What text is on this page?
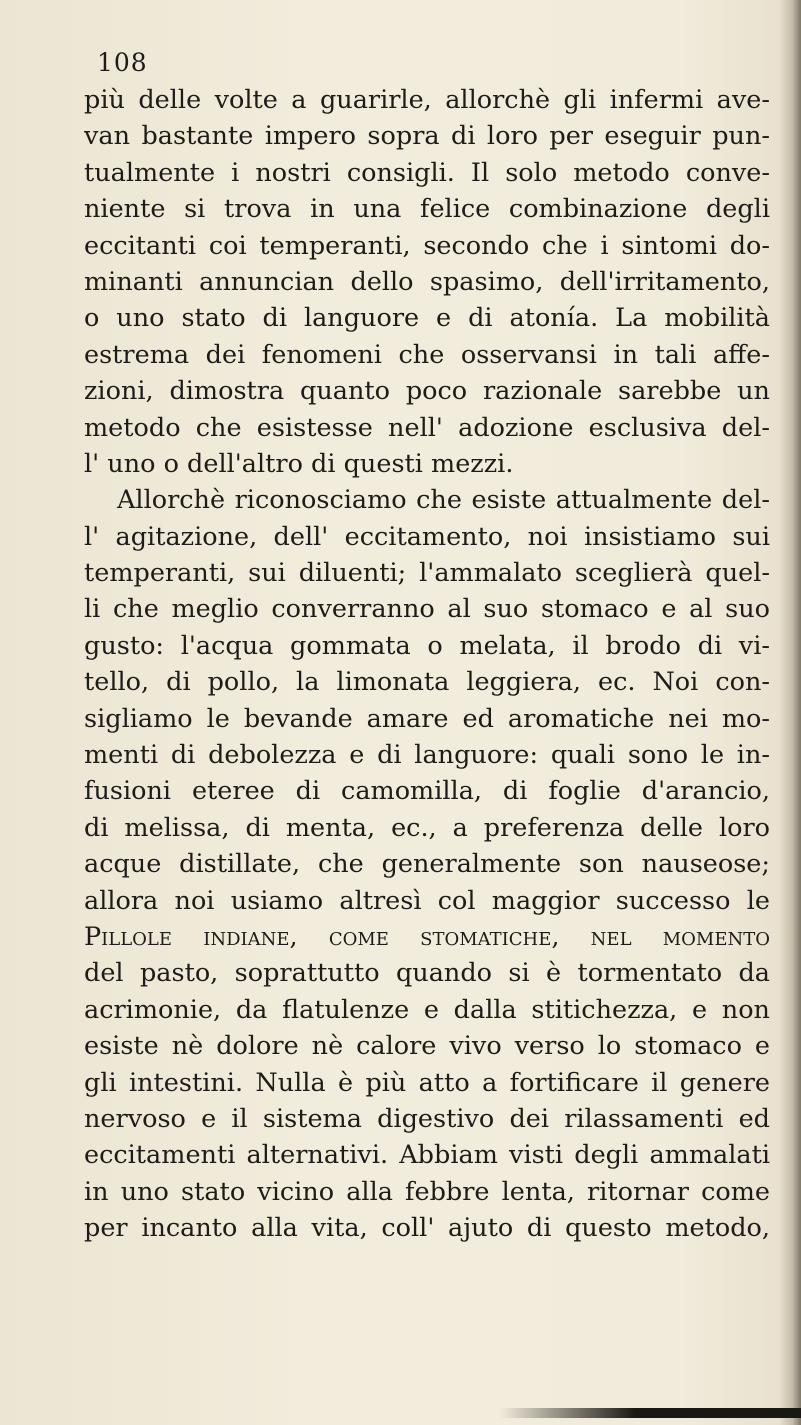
108
più delle volte a guarirle, allorchè gli infermi ave-
van bastante impero sopra di loro per eseguir pun-
tualmente i nostri consigli. Il solo metodo conve-
niente si trova in una felice combinazione degli
eccitanti coi temperanti, secondo che i sintomi do-
minanti annuncian dello spasimo, dell'irritamento,
o uno stato di languore e di atonía. La mobilità
estrema dei fenomeni che osservansi in tali affe-
zioni, dimostra quanto poco razionale sarebbe un
metodo che esistesse nell' adozione esclusiva del-
l' uno o dell'altro di questi mezzi.
Allorchè riconosciamo che esiste attualmente del-
l' agitazione, dell' eccitamento, noi insistiamo sui
temperanti, sui diluenti; l'ammalato sceglierà quel-
li che meglio converranno al suo stomaco e al suo
gusto: l'acqua gommata o melata, il brodo di vi-
tello, di pollo, la limonata leggiera, ec. Noi con-
sigliamo le bevande amare ed aromatiche nei mo-
menti di debolezza e di languore: quali sono le in-
fusioni eteree di camomilla, di foglie d'arancio,
di melissa, di menta, ec., a preferenza delle loro
acque distillate, che generalmente son nauseose;
allora noi usiamo altresì col maggior successo le
Pillole indiane, come stomatiche, nel momento
del pasto, soprattutto quando si è tormentato da
acrimonie, da flatulenze e dalla stitichezza, e non
esiste nè dolore nè calore vivo verso lo stomaco e
gli intestini. Nulla è più atto a fortificare il genere
nervoso e il sistema digestivo dei rilassamenti ed
eccitamenti alternativi. Abbiam visti degli ammalati
in uno stato vicino alla febbre lenta, ritornar come
per incanto alla vita, coll' ajuto di questo metodo,
